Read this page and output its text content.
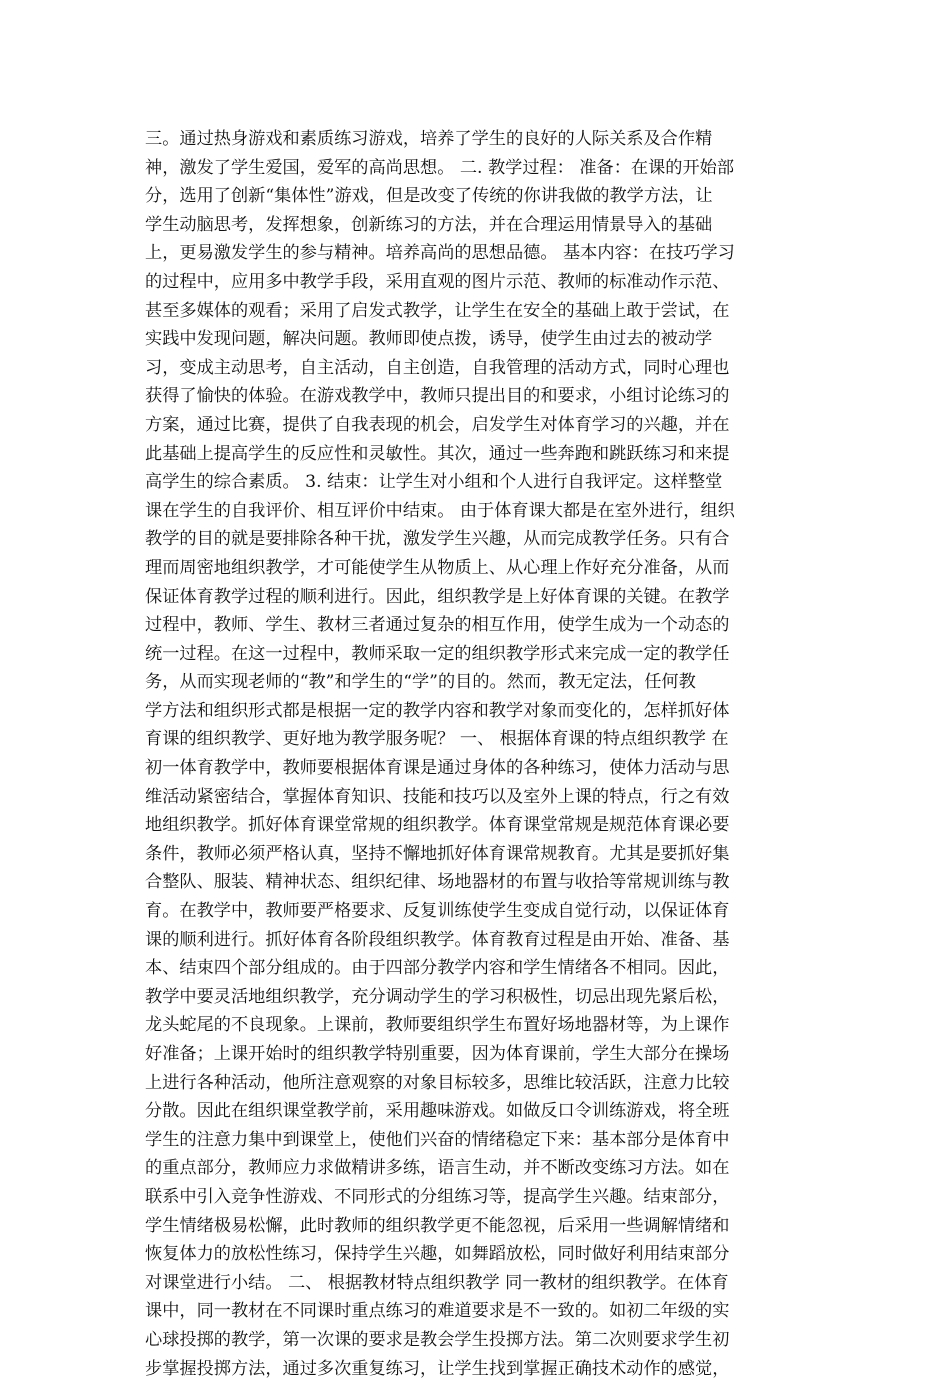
三。通过热身游戏和素质练习游戏，培养了学生的良好的人际关系及合作精
神，激发了学生爱国，爱军的高尚思想。 二. 教学过程： 准备：在课的开始部
分，选用了创新“集体性”游戏，但是改变了传统的你讲我做的教学方法，让
学生动脑思考，发挥想象，创新练习的方法，并在合理运用情景导入的基础
上，更易激发学生的参与精神。培养高尚的思想品德。 基本内容：在技巧学习
的过程中，应用多中教学手段，采用直观的图片示范、教师的标准动作示范、
甚至多媒体的观看；采用了启发式教学，让学生在安全的基础上敢于尝试，在
实践中发现问题，解决问题。教师即使点拨，诱导，使学生由过去的被动学
习，变成主动思考，自主活动，自主创造，自我管理的活动方式，同时心理也
获得了愉快的体验。在游戏教学中，教师只提出目的和要求，小组讨论练习的
方案，通过比赛，提供了自我表现的机会，启发学生对体育学习的兴趣，并在
此基础上提高学生的反应性和灵敏性。其次，通过一些奔跑和跳跃练习和来提
高学生的综合素质。 3. 结束：让学生对小组和个人进行自我评定。这样整堂
课在学生的自我评价、相互评价中结束。 由于体育课大都是在室外进行，组织
教学的目的就是要排除各种干扰，激发学生兴趣，从而完成教学任务。只有合
理而周密地组织教学，才可能使学生从物质上、从心理上作好充分准备，从而
保证体育教学过程的顺利进行。因此，组织教学是上好体育课的关键。在教学
过程中，教师、学生、教材三者通过复杂的相互作用，使学生成为一个动态的
统一过程。在这一过程中，教师采取一定的组织教学形式来完成一定的教学任
务，从而实现老师的“教”和学生的“学”的目的。然而，教无定法，任何教
学方法和组织形式都是根据一定的教学内容和教学对象而变化的，怎样抓好体
育课的组织教学、更好地为教学服务呢？ 一、 根据体育课的特点组织教学 在
初一体育教学中，教师要根据体育课是通过身体的各种练习，使体力活动与思
维活动紧密结合，掌握体育知识、技能和技巧以及室外上课的特点，行之有效
地组织教学。抓好体育课堂常规的组织教学。体育课堂常规是规范体育课必要
条件，教师必须严格认真，坚持不懈地抓好体育课常规教育。尤其是要抓好集
合整队、服装、精神状态、组织纪律、场地器材的布置与收拾等常规训练与教
育。在教学中，教师要严格要求、反复训练使学生变成自觉行动，以保证体育
课的顺利进行。抓好体育各阶段组织教学。体育教育过程是由开始、准备、基
本、结束四个部分组成的。由于四部分教学内容和学生情绪各不相同。因此，
教学中要灵活地组织教学，充分调动学生的学习积极性，切忌出现先紧后松，
龙头蛇尾的不良现象。上课前，教师要组织学生布置好场地器材等，为上课作
好准备；上课开始时的组织教学特别重要，因为体育课前，学生大部分在操场
上进行各种活动，他所注意观察的对象目标较多，思维比较活跃，注意力比较
分散。因此在组织课堂教学前，采用趣味游戏。如做反口令训练游戏，将全班
学生的注意力集中到课堂上，使他们兴奋的情绪稳定下来：基本部分是体育中
的重点部分，教师应力求做精讲多练，语言生动，并不断改变练习方法。如在
联系中引入竞争性游戏、不同形式的分组练习等，提高学生兴趣。结束部分，
学生情绪极易松懈，此时教师的组织教学更不能忽视，后采用一些调解情绪和
恢复体力的放松性练习，保持学生兴趣，如舞蹈放松，同时做好利用结束部分
对课堂进行小结。 二、 根据教材特点组织教学 同一教材的组织教学。在体育
课中，同一教材在不同课时重点练习的难道要求是不一致的。如初二年级的实
心球投掷的教学，第一次课的要求是教会学生投掷方法。第二次则要求学生初
步掌握投掷方法，通过多次重复练习，让学生找到掌握正确技术动作的感觉，
